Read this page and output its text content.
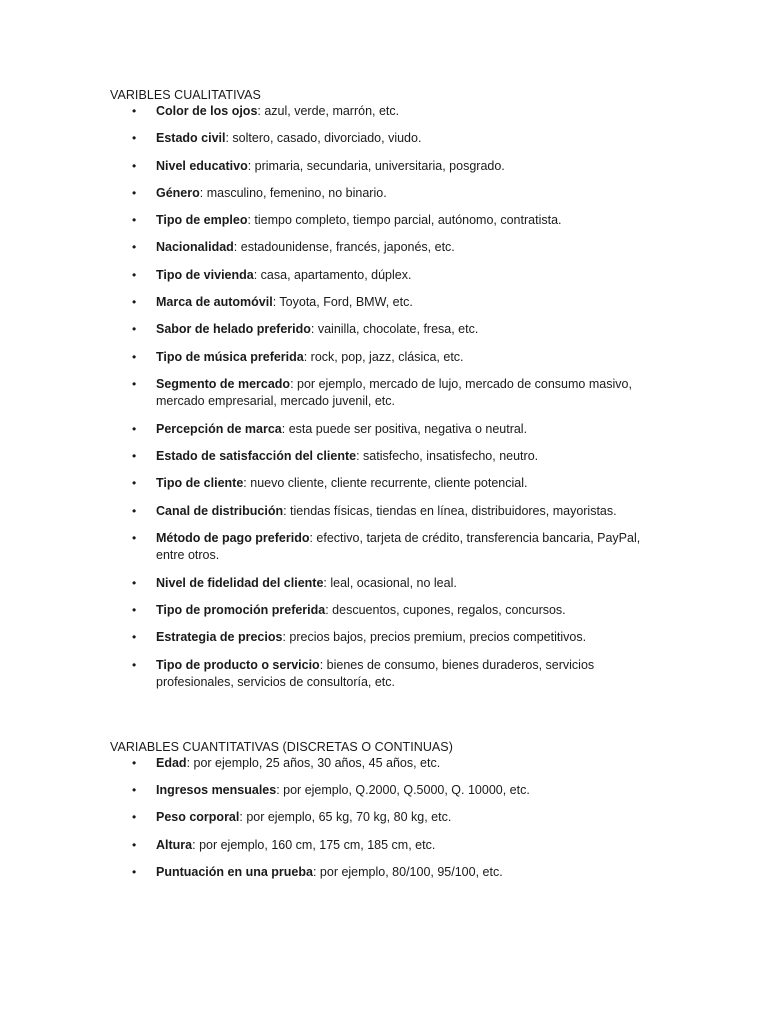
VARIBLES CUALITATIVAS
• Color de los ojos: azul, verde, marrón, etc.
• Estado civil: soltero, casado, divorciado, viudo.
• Nivel educativo: primaria, secundaria, universitaria, posgrado.
• Género: masculino, femenino, no binario.
• Tipo de empleo: tiempo completo, tiempo parcial, autónomo, contratista.
• Nacionalidad: estadounidense, francés, japonés, etc.
• Tipo de vivienda: casa, apartamento, dúplex.
• Marca de automóvil: Toyota, Ford, BMW, etc.
• Sabor de helado preferido: vainilla, chocolate, fresa, etc.
• Tipo de música preferida: rock, pop, jazz, clásica, etc.
• Segmento de mercado: por ejemplo, mercado de lujo, mercado de consumo masivo, mercado empresarial, mercado juvenil, etc.
• Percepción de marca: esta puede ser positiva, negativa o neutral.
• Estado de satisfacción del cliente: satisfecho, insatisfecho, neutro.
• Tipo de cliente: nuevo cliente, cliente recurrente, cliente potencial.
• Canal de distribución: tiendas físicas, tiendas en línea, distribuidores, mayoristas.
• Método de pago preferido: efectivo, tarjeta de crédito, transferencia bancaria, PayPal, entre otros.
• Nivel de fidelidad del cliente: leal, ocasional, no leal.
• Tipo de promoción preferida: descuentos, cupones, regalos, concursos.
• Estrategia de precios: precios bajos, precios premium, precios competitivos.
• Tipo de producto o servicio: bienes de consumo, bienes duraderos, servicios profesionales, servicios de consultoría, etc.
VARIABLES CUANTITATIVAS (DISCRETAS O CONTINUAS)
• Edad: por ejemplo, 25 años, 30 años, 45 años, etc.
• Ingresos mensuales: por ejemplo, Q.2000, Q.5000, Q. 10000, etc.
• Peso corporal: por ejemplo, 65 kg, 70 kg, 80 kg, etc.
• Altura: por ejemplo, 160 cm, 175 cm, 185 cm, etc.
• Puntuación en una prueba: por ejemplo, 80/100, 95/100, etc.
